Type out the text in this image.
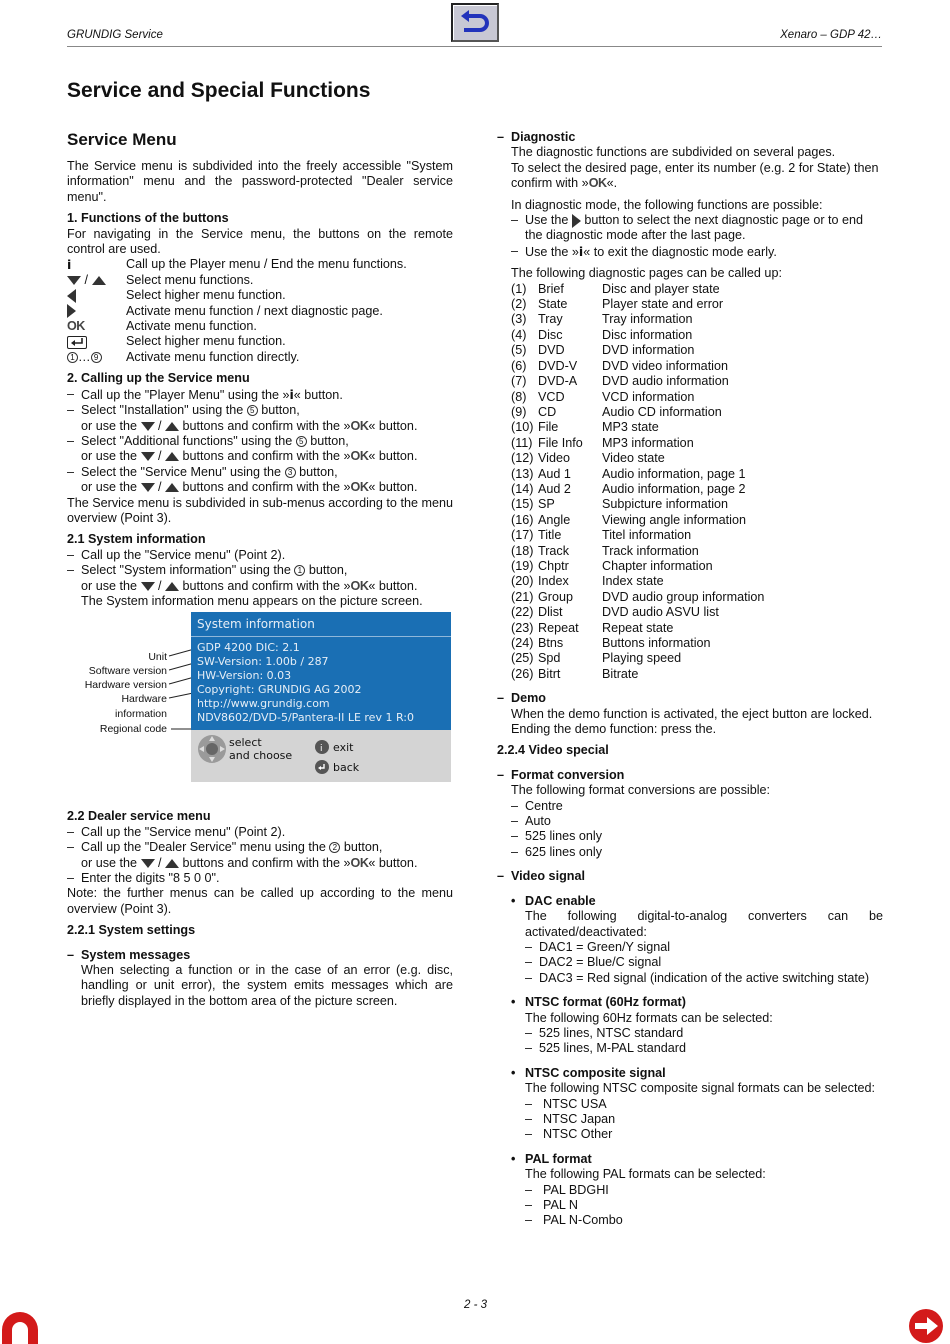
GRUNDIG Service	Xenaro – GDP 42…
Service and Special Functions
Service Menu

The Service menu is subdivided into the freely accessible "System information" menu and the password-protected "Dealer service menu".

1. Functions of the buttons

For navigating in the Service menu, the buttons on the remote control are used.

i	Call up the Player menu / End the menu functions.
/	Select menu functions.
Select higher menu function.
Activate menu function / next diagnostic page.
OK	Activate menu function.
Select higher menu function.
1 … 9	Activate menu function directly.

2. Calling up the Service menu

– Call up the "Player Menu" using the »i« button.
– Select "Installation" using the 5 button,
or use the  /  buttons and confirm with the »OK« button.
– Select "Additional functions" using the 5 button,
or use the  /  buttons and confirm with the »OK« button.
– Select the "Service Menu" using the 3 button,
or use the  /  buttons and confirm with the »OK« button.

The Service menu is subdivided in sub-menus according to the menu overview (Point 3).

2.1 System information

– Call up the "Service menu" (Point 2).
– Select "System information" using the 1 button,
or use the  /  buttons and confirm with the »OK« button.
The System information menu appears on the picture screen.
Unit
Software version
Hardware version
Hardware information
Regional code
System information
GDP 4200 DIC: 2.1
SW-Version: 1.00b / 287
HW-Version: 0.03
Copyright: GRUNDIG AG 2002
http://www.grundig.com
NDV8602/DVD-5/Pantera-II LE rev 1 R:0
select
and choose	i exit
back

2.2 Dealer service menu

– Call up the "Service menu" (Point 2).
– Call up the "Dealer Service" menu using the 2 button,
or use the  /  buttons and confirm with the »OK« button.
– Enter the digits "8 5 0 0".

Note: the further menus can be called up according to the menu overview (Point 3).

2.2.1 System settings

– System messages

When selecting a function or in the case of an error (e.g. disc, handling or unit error), the system emits messages which are briefly displayed in the bottom area of the picture screen.

– Diagnostic
The diagnostic functions are subdivided on several pages.
To select the desired page, enter its number (e.g. 2 for State) then confirm with »OK«.
In diagnostic mode, the following functions are possible:
– Use the button to select the next diagnostic page or to end the diagnostic mode after the last page.
– Use the »i« to exit the diagnostic mode early.
The following diagnostic pages can be called up:
(1) Brief	Disc and player state
(2) State	Player state and error
(3) Tray	Tray information
(4) Disc	Disc information
(5) DVD	DVD information
(6) DVD-V	DVD video information
(7) DVD-A	DVD audio information
(8) VCD	VCD information
(9) CD	Audio CD information
(10) File	MP3 state
(11) File Info	MP3 information
(12) Video	Video state
(13) Aud 1	Audio information, page 1
(14) Aud 2	Audio information, page 2
(15) SP	Subpicture information
(16) Angle	Viewing angle information
(17) Title	Titel information
(18) Track	Track information
(19) Chptr	Chapter information
(20) Index	Index state
(21) Group	DVD audio group information
(22) Dlist	DVD audio ASVU list
(23) Repeat	Repeat state
(24) Btns	Buttons information
(25) Spd	Playing speed
(26) Bitrt	Bitrate
– Demo
When the demo function is activated, the eject button are locked.
Ending the demo function: press the.

2.2.4 Video special

– Format conversion
The following format conversions are possible:
– Centre
– Auto
– 525 lines only
– 625 lines only
– Video signal
• DAC enable
The following digital-to-analog converters can be activated/deactivated:
– DAC1 = Green/Y signal
– DAC2 = Blue/C signal
– DAC3 = Red signal (indication of the active switching state)
• NTSC format (60Hz format)
The following 60Hz formats can be selected:
– 525 lines, NTSC standard
– 525 lines, M-PAL standard
• NTSC composite signal
The following NTSC composite signal formats can be selected:
– NTSC USA
– NTSC Japan
– NTSC Other
• PAL format
The following PAL formats can be selected:
– PAL BDGHI
– PAL N
– PAL N-Combo
2 - 3
